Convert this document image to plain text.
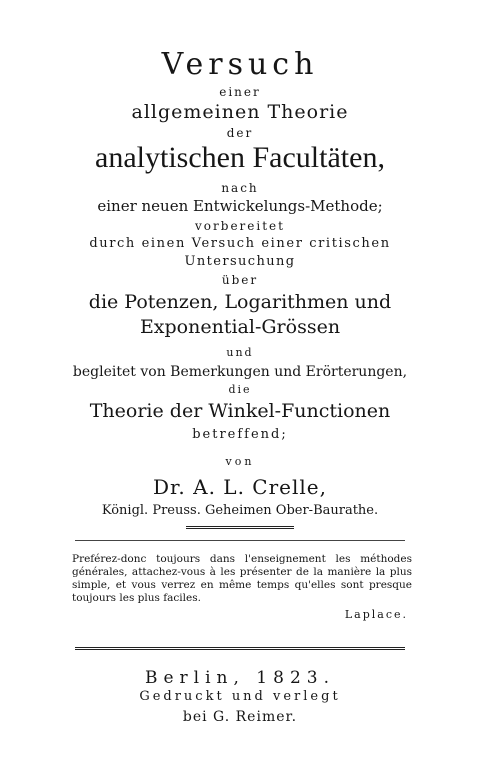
Versuch
einer
allgemeinen Theorie
der
analytischen Facultäten,
nach
einer neuen Entwickelungs-Methode;
vorbereitet
durch einen Versuch einer critischen
Untersuchung
über
die Potenzen, Logarithmen und
Exponential-Grössen
und
begleitet von Bemerkungen und Erörterungen,
die
Theorie der Winkel-Functionen
betreffend;
von
Dr. A. L. Crelle,
Königl. Preuss. Geheimen Ober-Baurathe.
Preférez-donc toujours dans l'enseignement les méthodes générales, attachez-vous à les présenter de la manière la plus simple, et vous verrez en même temps qu'elles sont presque toujours les plus faciles.
Laplace.
Berlin, 1823.
Gedruckt und verlegt
bei G. Reimer.
